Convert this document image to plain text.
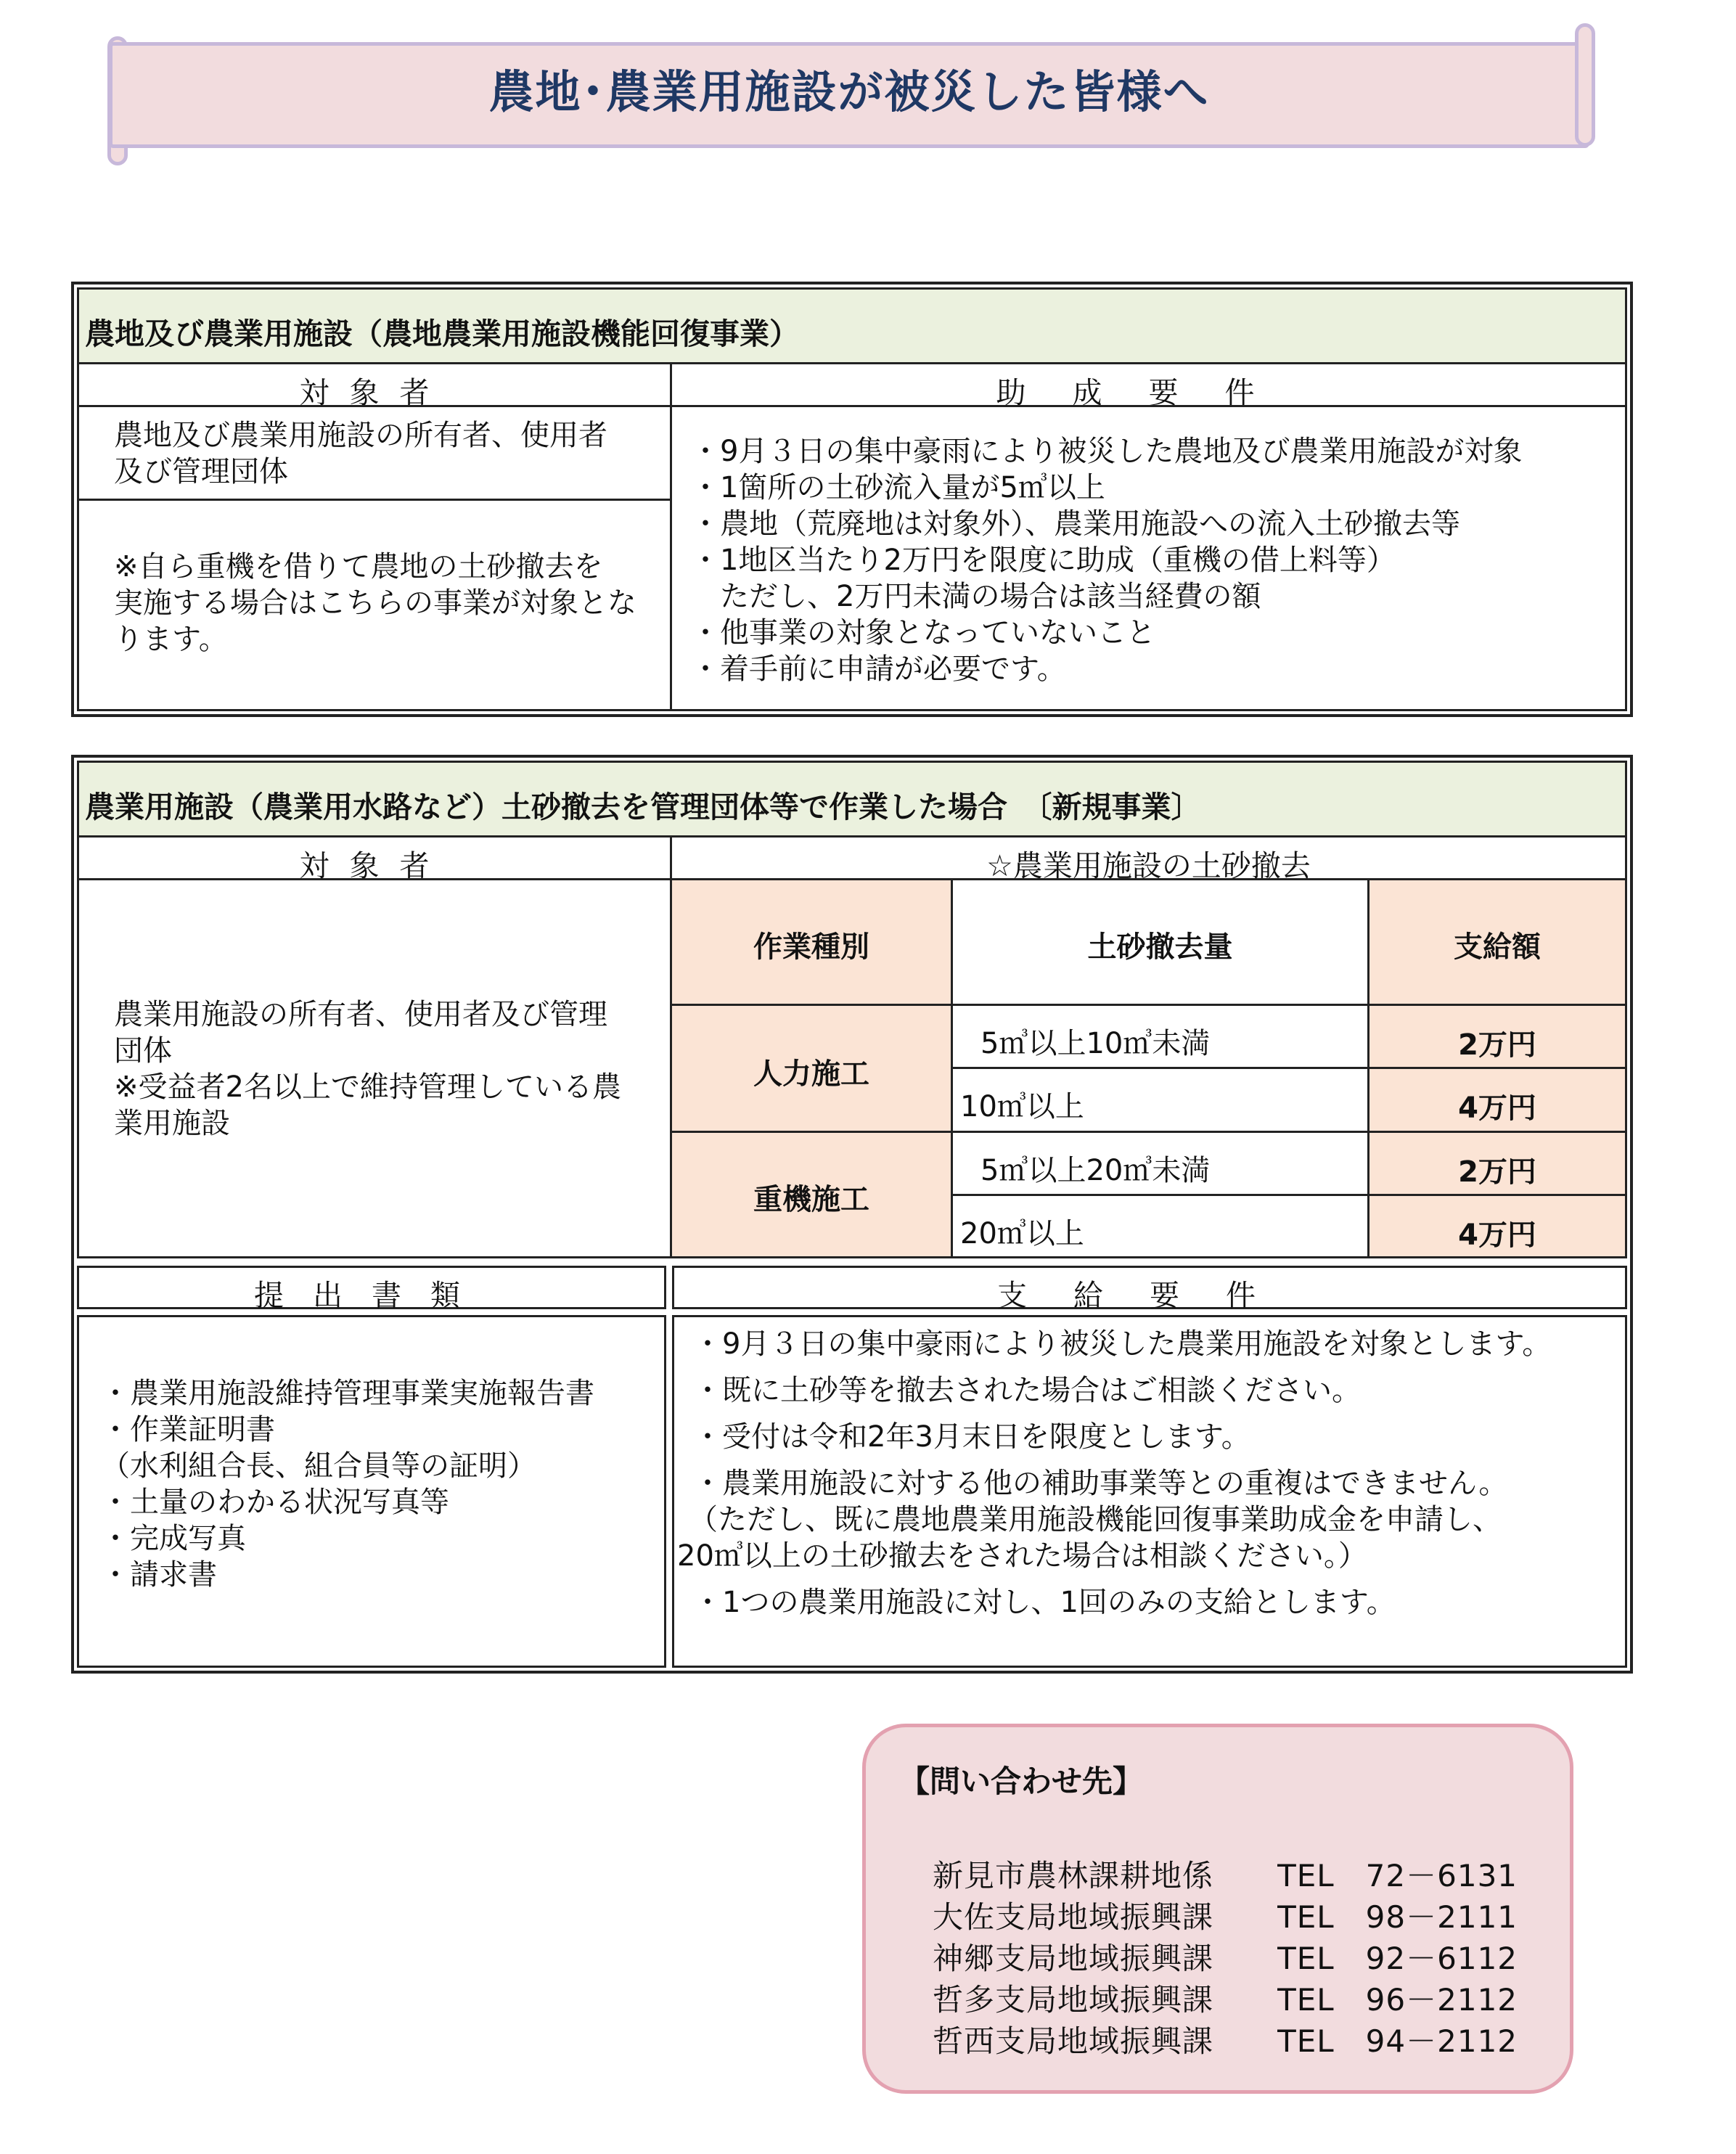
農地･農業用施設が被災した皆様へ
農地及び農業用施設（農地農業用施設機能回復事業）
対象者	助成要件
農地及び農業用施設の所有者、使用者
及び管理団体
※自ら重機を借りて農地の土砂撤去を
実施する場合はこちらの事業が対象とな
ります。
・9月３日の集中豪雨により被災した農地及び農業用施設が対象
・1箇所の土砂流入量が5㎥以上
・農地（荒廃地は対象外）、農業用施設への流入土砂撤去等
・1地区当たり2万円を限度に助成（重機の借上料等）
　ただし、2万円未満の場合は該当経費の額
・他事業の対象となっていないこと
・着手前に申請が必要です。
農業用施設（農業用水路など）土砂撤去を管理団体等で作業した場合　〔新規事業〕
対象者	☆農業用施設の土砂撤去
農業用施設の所有者、使用者及び管理
団体
※受益者2名以上で維持管理している農
業用施設
作業種別	土砂撤去量	支給額
人力施工
5㎥以上10㎥未満	2万円
10㎥以上	4万円
重機施工
5㎥以上20㎥未満	2万円
20㎥以上	4万円
提出書類	支給要件
・農業用施設維持管理事業実施報告書
・作業証明書
（水利組合長、組合員等の証明）
・土量のわかる状況写真等
・完成写真
・請求書
・9月３日の集中豪雨により被災した農業用施設を対象とします。
・既に土砂等を撤去された場合はご相談ください。
・受付は令和2年3月末日を限度とします。
・農業用施設に対する他の補助事業等との重複はできません。
（ただし、既に農地農業用施設機能回復事業助成金を申請し、
20㎥以上の土砂撤去をされた場合は相談ください。）
・1つの農業用施設に対し、1回のみの支給とします。
【問い合わせ先】
新見市農林課耕地係 TEL　72－6131
大佐支局地域振興課 TEL　98－2111
神郷支局地域振興課 TEL　92－6112
哲多支局地域振興課 TEL　96－2112
哲西支局地域振興課 TEL　94－2112
